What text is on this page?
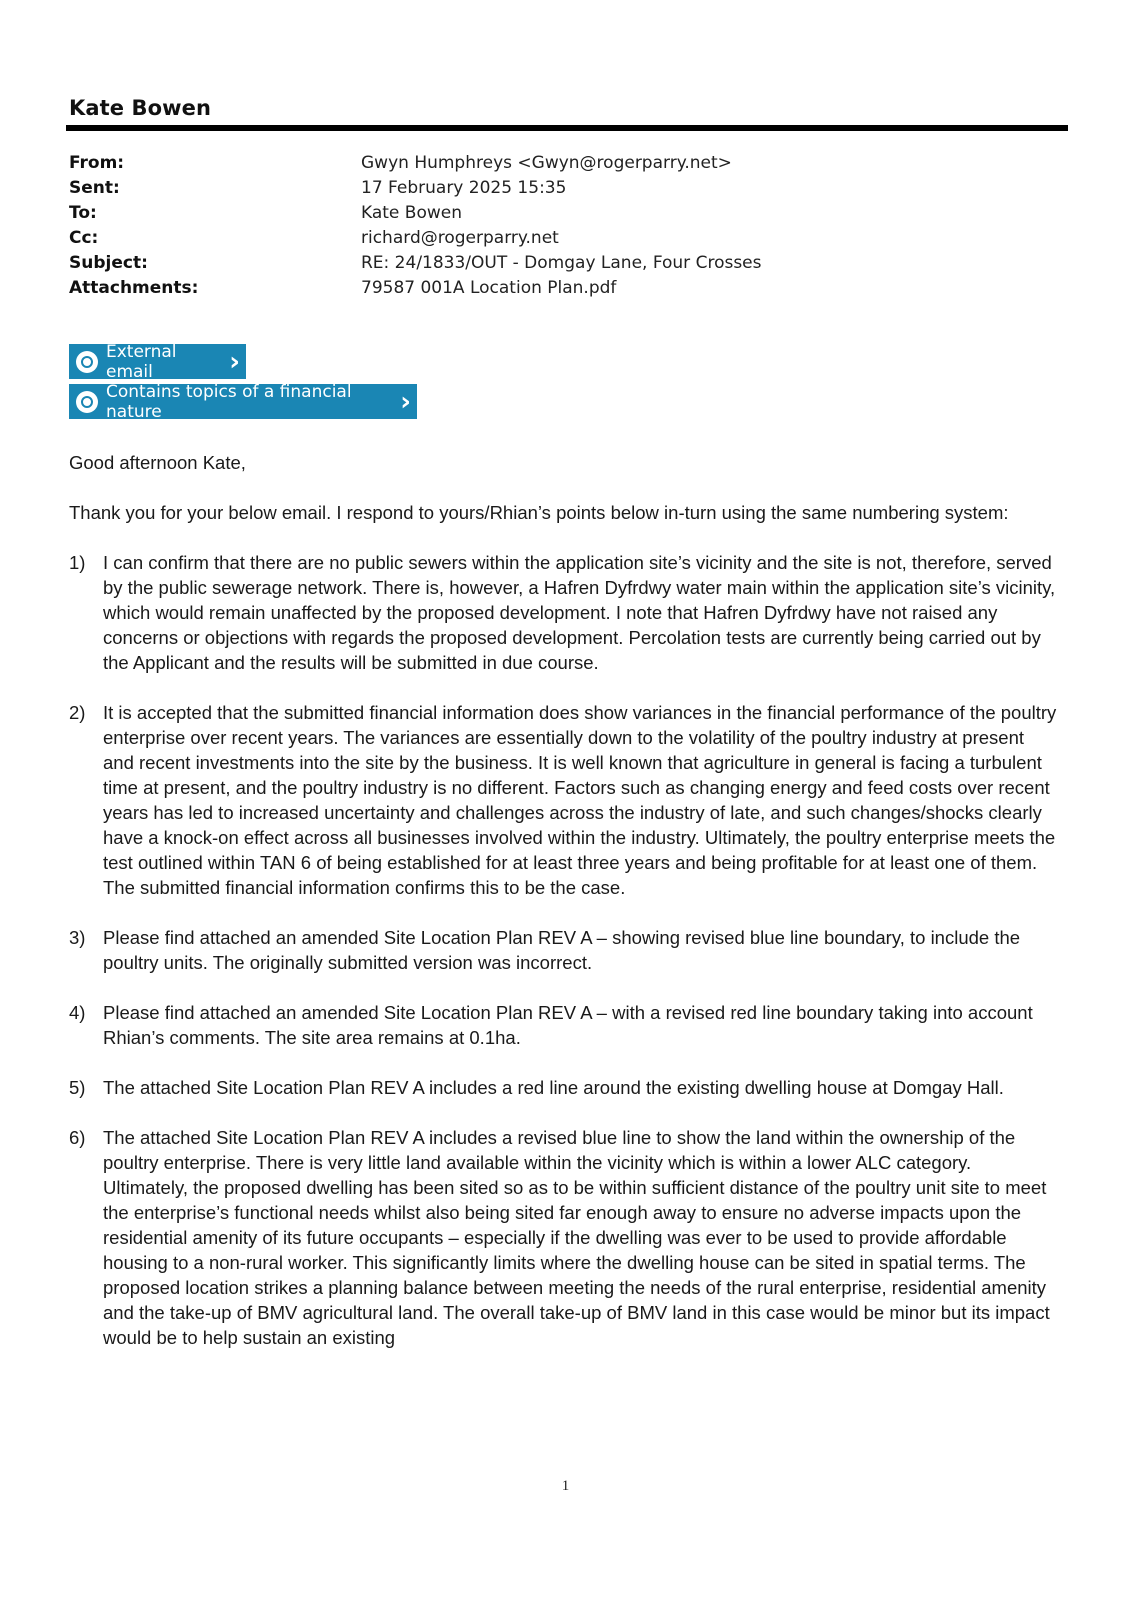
Kate Bowen
From:	Gwyn Humphreys <Gwyn@rogerparry.net>
Sent:	17 February 2025 15:35
To:	Kate Bowen
Cc:	richard@rogerparry.net
Subject:	RE: 24/1833/OUT - Domgay Lane, Four Crosses
Attachments:	79587 001A Location Plan.pdf
External email	›
Contains topics of a financial nature	›

Good afternoon Kate,

Thank you for your below email. I respond to yours/Rhian’s points below in-turn using the same numbering system:

1) I can confirm that there are no public sewers within the application site’s vicinity and the site is not, therefore, served by the public sewerage network. There is, however, a Hafren Dyfrdwy water main within the application site’s vicinity, which would remain unaffected by the proposed development. I note that Hafren Dyfrdwy have not raised any concerns or objections with regards the proposed development. Percolation tests are currently being carried out by the Applicant and the results will be submitted in due course.
2) It is accepted that the submitted financial information does show variances in the financial performance of the poultry enterprise over recent years. The variances are essentially down to the volatility of the poultry industry at present and recent investments into the site by the business. It is well known that agriculture in general is facing a turbulent time at present, and the poultry industry is no different. Factors such as changing energy and feed costs over recent years has led to increased uncertainty and challenges across the industry of late, and such changes/shocks clearly have a knock-on effect across all businesses involved within the industry. Ultimately, the poultry enterprise meets the test outlined within TAN 6 of being established for at least three years and being profitable for at least one of them. The submitted financial information confirms this to be the case.
3) Please find attached an amended Site Location Plan REV A – showing revised blue line boundary, to include the poultry units. The originally submitted version was incorrect.
4) Please find attached an amended Site Location Plan REV A – with a revised red line boundary taking into account Rhian’s comments. The site area remains at 0.1ha.
5) The attached Site Location Plan REV A includes a red line around the existing dwelling house at Domgay Hall.
6) The attached Site Location Plan REV A includes a revised blue line to show the land within the ownership of the poultry enterprise. There is very little land available within the vicinity which is within a lower ALC category. Ultimately, the proposed dwelling has been sited so as to be within sufficient distance of the poultry unit site to meet the enterprise’s functional needs whilst also being sited far enough away to ensure no adverse impacts upon the residential amenity of its future occupants – especially if the dwelling was ever to be used to provide affordable housing to a non-rural worker. This significantly limits where the dwelling house can be sited in spatial terms. The proposed location strikes a planning balance between meeting the needs of the rural enterprise, residential amenity and the take-up of BMV agricultural land. The overall take-up of BMV land in this case would be minor but its impact would be to help sustain an existing
1
